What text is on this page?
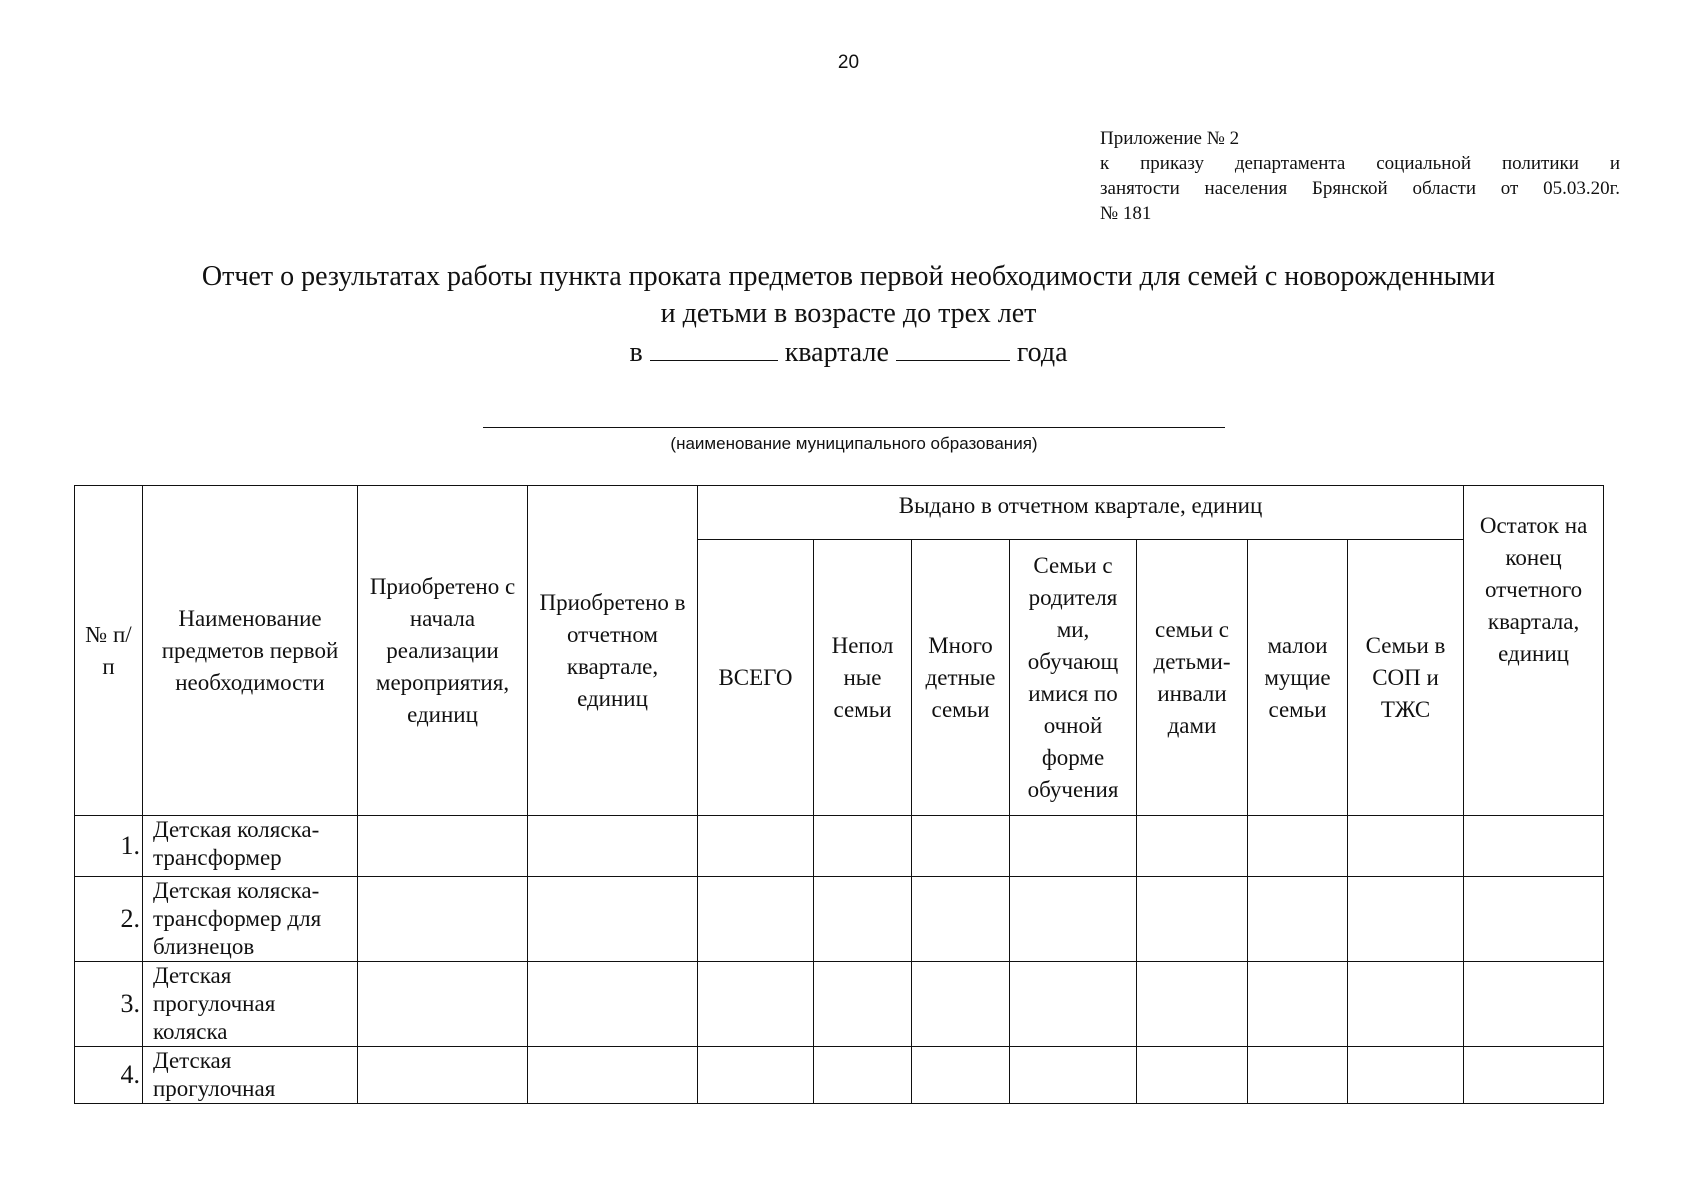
20
Приложение № 2
к приказу департамента социальной политики и
занятости населения Брянской области от 05.03.20г.
№ 181
Отчет о результатах работы пункта проката предметов первой необходимости для семей с новорожденными
и детьми в возрасте до трех лет
в	квартале	года
(наименование муниципального образования)
№ п/п	Наименование предметов первой необходимости	Приобретено с начала реализации мероприятия, единиц	Приобретено в отчетном квартале, единиц	Выдано в отчетном квартале, единиц							Остаток на конец отчетного квартала, единиц
				ВСЕГО	Непол ные семьи	Много детные семьи	Семьи с родителя ми, обучающ имися по очной форме обучения	семьи с детьми-инвали дами	малои мущие семьи	Семьи в СОП и ТЖС	
1.	Детская коляска-трансформер										
2.	Детская коляска-трансформер для близнецов										
3.	Детская прогулочная коляска										
4.	Детская прогулочная										
